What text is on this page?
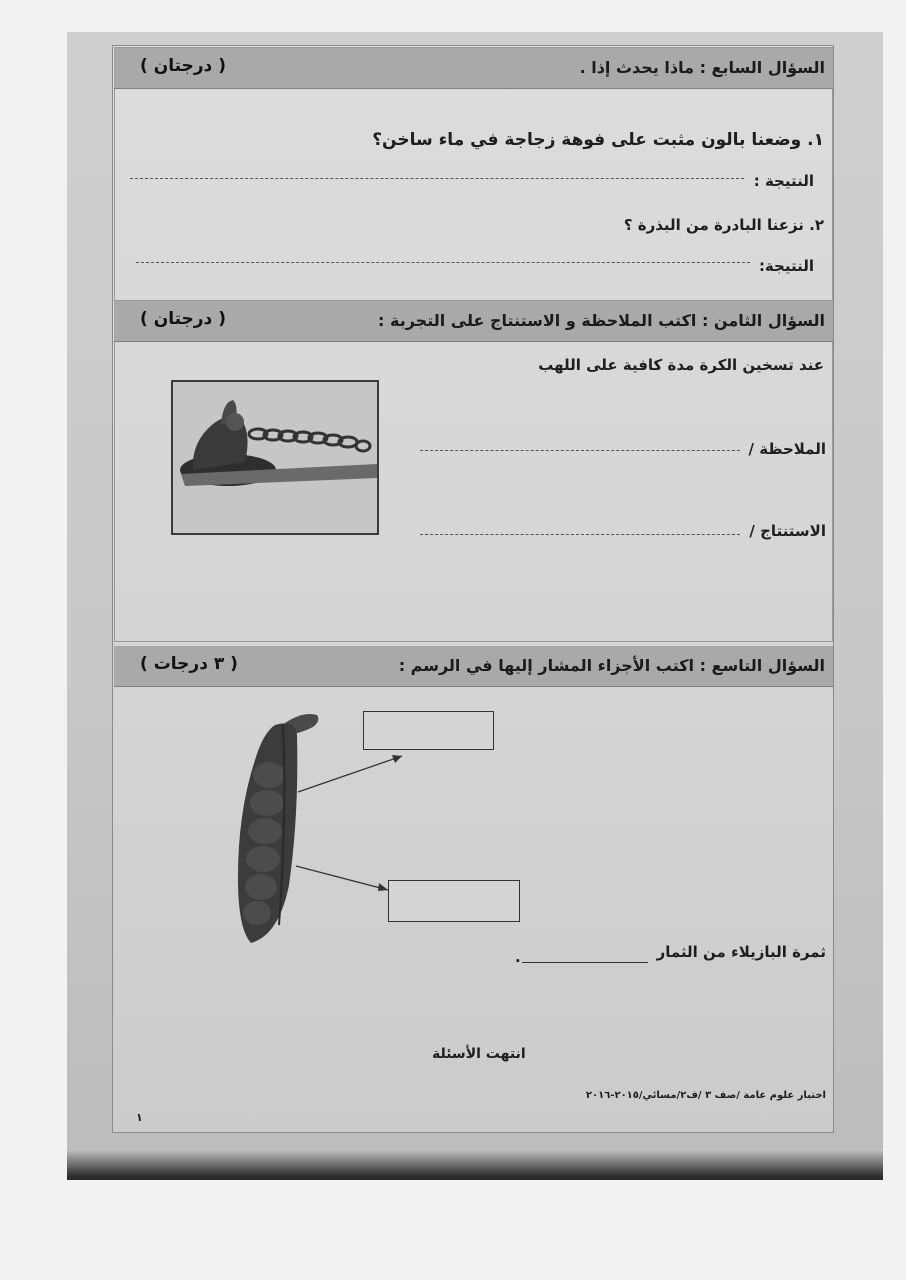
السؤال السابع : ماذا يحدث إذا .
( درجتان )
١. وضعنا بالون مثبت على فوهة زجاجة في ماء ساخن؟
النتيجة :
٢. نزعنا البادرة من البذرة ؟
النتيجة:
السؤال الثامن : اكتب الملاحظة و الاستنتاج على التجربة :
( درجتان )
عند تسخين الكرة مدة كافية على اللهب
الملاحظة /
الاستنتاج /
السؤال التاسع : اكتب الأجزاء المشار إليها في الرسم :
( ٣ درجات )
ثمرة البازيلاء من الثمار
.
انتهت الأسئلة
اختبار علوم عامة /صف ٣ /ف٢/مسائي/٢٠١٥-٢٠١٦
١
